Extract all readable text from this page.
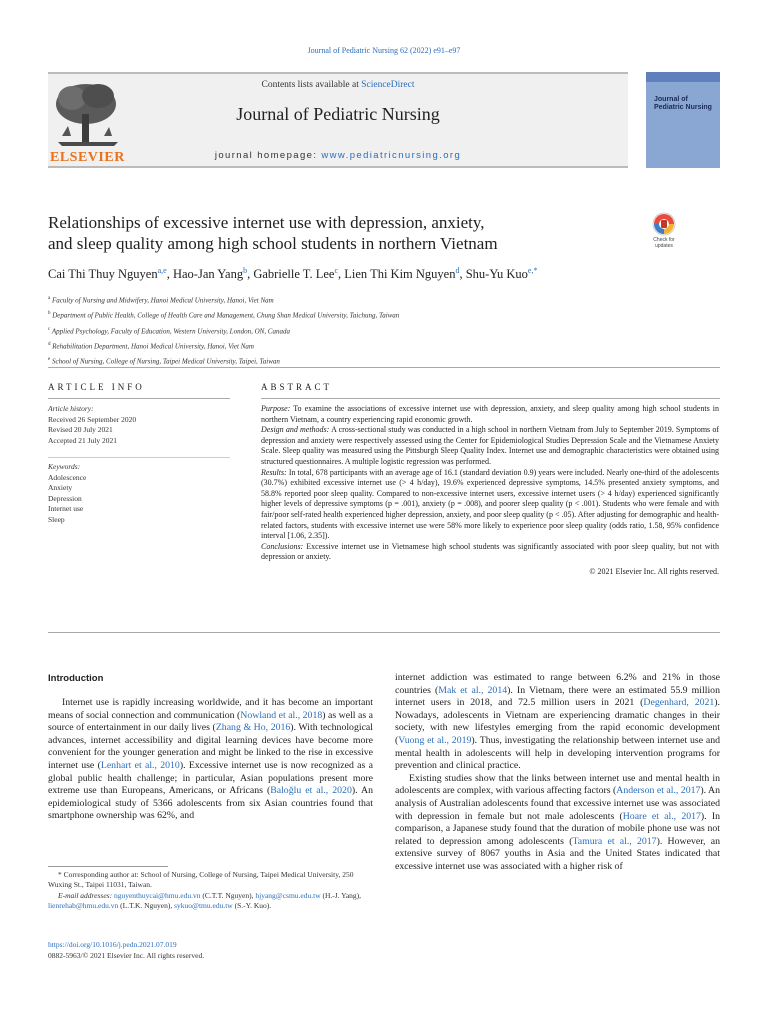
Journal of Pediatric Nursing 62 (2022) e91–e97
Contents lists available at ScienceDirect
Journal of Pediatric Nursing
journal homepage: www.pediatricnursing.org
ELSEVIER
Journal of
Pediatric Nursing
Relationships of excessive internet use with depression, anxiety,
and sleep quality among high school students in northern Vietnam	Check for updates
Cai Thi Thuy Nguyen$^{a,e}$, Hao-Jan Yang$^b$, Gabrielle T. Lee$^c$, Lien Thi Kim Nguyen$^d$, Shu-Yu Kuo$^{e,*}$
$^a$ Faculty of Nursing and Midwifery, Hanoi Medical University, Hanoi, Viet Nam
$^b$ Department of Public Health, College of Health Care and Management, Chung Shan Medical University, Taichung, Taiwan
$^c$ Applied Psychology, Faculty of Education, Western University, London, ON, Canada
$^d$ Rehabilitation Department, Hanoi Medical University, Hanoi, Viet Nam
$^e$ School of Nursing, College of Nursing, Taipei Medical University, Taipei, Taiwan
ARTICLE INFO	ABSTRACT
Article history:
Received 26 September 2020
Revised 20 July 2021
Accepted 21 July 2021
Keywords:
Adolescence
Anxiety
Depression
Internet use
Sleep
Purpose: To examine the associations of excessive internet use with depression, anxiety, and sleep quality among high school students in northern Vietnam, a country experiencing rapid economic growth.
Design and methods: A cross-sectional study was conducted in a high school in northern Vietnam from July to September 2019. Symptoms of depression and anxiety were respectively assessed using the Center for Epidemiological Studies Depression Scale and the Vietnamese Anxiety Scale. Sleep quality was measured using the Pittsburgh Sleep Quality Index. Internet use and demographic characteristics were obtained using structured questionnaires. A multiple logistic regression was performed.
Results: In total, 678 participants with an average age of 16.1 (standard deviation 0.9) years were included. Nearly one-third of the adolescents (30.7%) exhibited excessive internet use (> 4 h/day), 19.6% experienced depressive symptoms, 14.5% presented anxiety symptoms, and 58.8% reported poor sleep quality. Compared to non-excessive internet users, excessive internet users (> 4 h/day) experienced significantly higher levels of depressive symptoms (p = .001), anxiety (p = .008), and poorer sleep quality (p < .001). Students who were female and with fair/poor self-rated health experienced higher depression, anxiety, and poor sleep quality (p < .05). After adjusting for demographic and health-related factors, students with excessive internet use were 58% more likely to experience poor sleep quality (odds ratio, 1.58, 95% confidence interval [1.06, 2.35]).
Conclusions: Excessive internet use in Vietnamese high school students was significantly associated with poor sleep quality, but not with depression or anxiety.
© 2021 Elsevier Inc. All rights reserved.
Introduction

Internet use is rapidly increasing worldwide, and it has become an important means of social connection and communication (Nowland et al., 2018) as well as a source of entertainment in our daily lives (Zhang & Ho, 2016). With technological advances, internet accessibility and digital learning devices have become more convenient for the younger generation and might be linked to the rise in excessive internet use (Lenhart et al., 2010). Excessive internet use is now recognized as a global public health challenge; in particular, Asian populations present more extreme use than Europeans, Americans, or Africans (Baloğlu et al., 2020). An epidemiological study of 5366 adolescents from six Asian countries found that smartphone ownership was 62%, and

internet addiction was estimated to range between 6.2% and 21% in those countries (Mak et al., 2014). In Vietnam, there were an estimated 55.9 million internet users in 2018, and 72.5 million users in 2021 (Degenhard, 2021). Nowadays, adolescents in Vietnam are experiencing dramatic changes in their society, with new lifestyles emerging from the rapid economic development (Vuong et al., 2019). Thus, investigating the relationship between internet use and mental health in adolescents will help in developing intervention programs for prevention and clinical practice.

Existing studies show that the links between internet use and mental health in adolescents are complex, with various affecting factors (Anderson et al., 2017). An analysis of Australian adolescents found that excessive internet use was associated with depression in female but not male adolescents (Hoare et al., 2017). In comparison, a Japanese study found that the duration of mobile phone use was not related to depression among adolescents (Tamura et al., 2017). However, an extensive survey of 8067 youths in Asia and the United States indicated that excessive internet use was associated with a higher risk of

* Corresponding author at: School of Nursing, College of Nursing, Taipei Medical University, 250 Wuxing St., Taipei 11031, Taiwan.

E-mail addresses: nguyenthuycai@hmu.edu.vn (C.T.T. Nguyen), hjyang@csmu.edu.tw (H.-J. Yang), lienrehab@hmu.edu.vn (L.T.K. Nguyen), sykuo@tmu.edu.tw (S.-Y. Kuo).

https://doi.org/10.1016/j.pedn.2021.07.019
0882-5963/© 2021 Elsevier Inc. All rights reserved.
